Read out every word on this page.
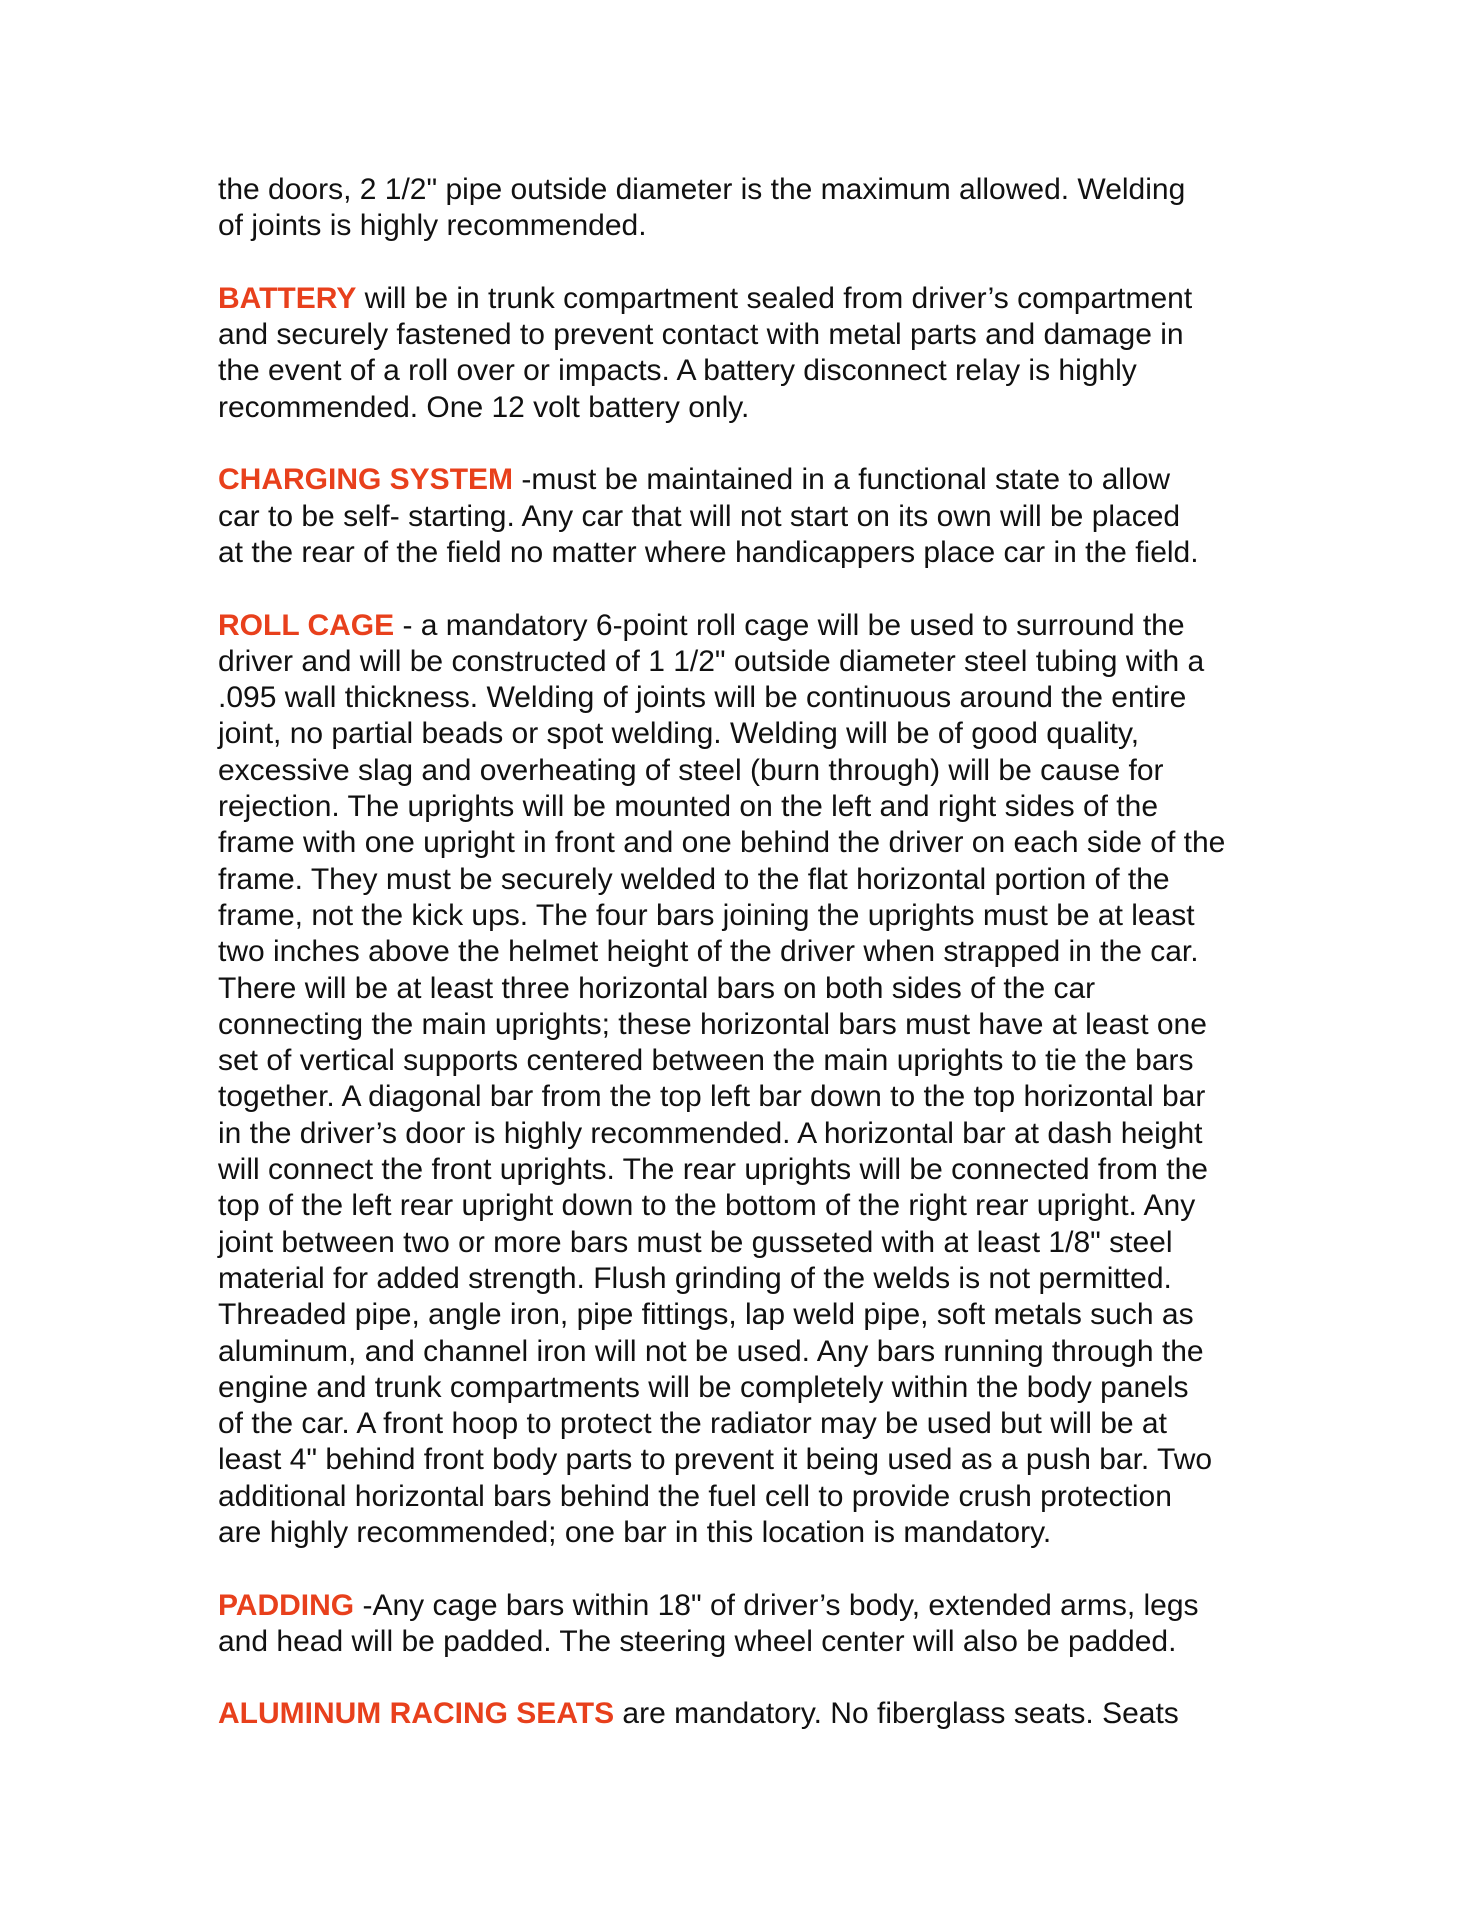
the doors, 2 1/2" pipe outside diameter is the maximum allowed. Welding
of joints is highly recommended.
BATTERY will be in trunk compartment sealed from driver’s compartment
and securely fastened to prevent contact with metal parts and damage in
the event of a roll over or impacts. A battery disconnect relay is highly
recommended. One 12 volt battery only.
CHARGING SYSTEM -must be maintained in a functional state to allow
car to be self- starting. Any car that will not start on its own will be placed
at the rear of the field no matter where handicappers place car in the field.
ROLL CAGE - a mandatory 6-point roll cage will be used to surround the
driver and will be constructed of 1 1/2" outside diameter steel tubing with a
.095 wall thickness. Welding of joints will be continuous around the entire
joint, no partial beads or spot welding. Welding will be of good quality,
excessive slag and overheating of steel (burn through) will be cause for
rejection. The uprights will be mounted on the left and right sides of the
frame with one upright in front and one behind the driver on each side of the
frame. They must be securely welded to the flat horizontal portion of the
frame, not the kick ups. The four bars joining the uprights must be at least
two inches above the helmet height of the driver when strapped in the car.
There will be at least three horizontal bars on both sides of the car
connecting the main uprights; these horizontal bars must have at least one
set of vertical supports centered between the main uprights to tie the bars
together. A diagonal bar from the top left bar down to the top horizontal bar
in the driver’s door is highly recommended. A horizontal bar at dash height
will connect the front uprights. The rear uprights will be connected from the
top of the left rear upright down to the bottom of the right rear upright. Any
joint between two or more bars must be gusseted with at least 1/8" steel
material for added strength. Flush grinding of the welds is not permitted.
Threaded pipe, angle iron, pipe fittings, lap weld pipe, soft metals such as
aluminum, and channel iron will not be used. Any bars running through the
engine and trunk compartments will be completely within the body panels
of the car. A front hoop to protect the radiator may be used but will be at
least 4" behind front body parts to prevent it being used as a push bar. Two
additional horizontal bars behind the fuel cell to provide crush protection
are highly recommended; one bar in this location is mandatory.
PADDING -Any cage bars within 18" of driver’s body, extended arms, legs
and head will be padded. The steering wheel center will also be padded.
ALUMINUM RACING SEATS are mandatory. No fiberglass seats. Seats
